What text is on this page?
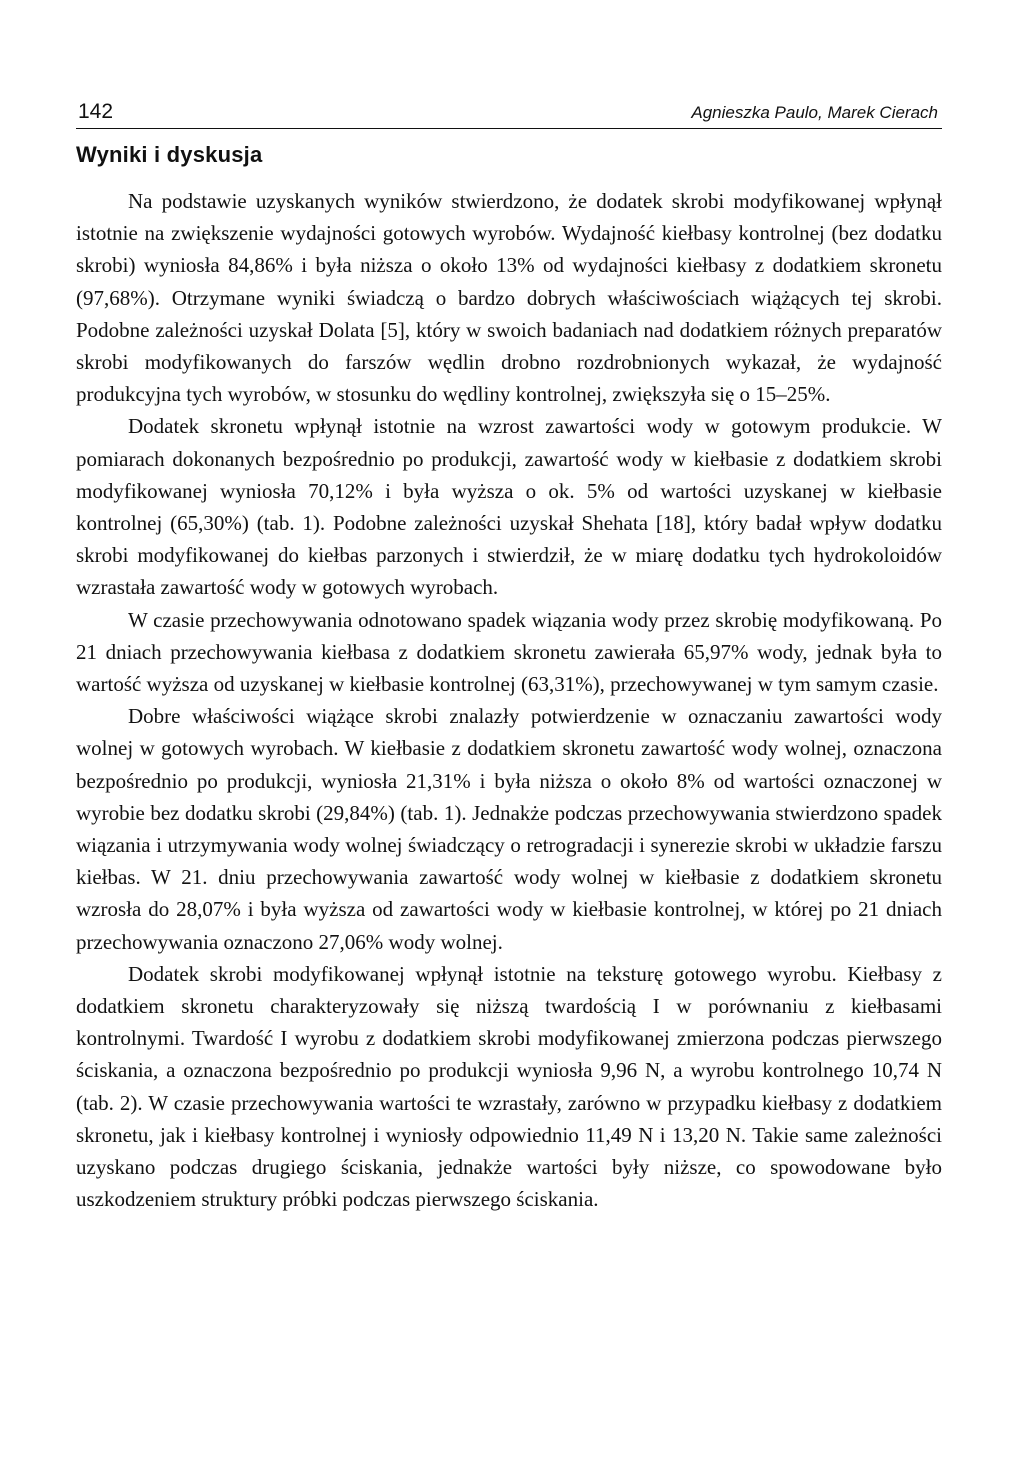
142	Agnieszka Paulo, Marek Cierach
Wyniki i dyskusja

Na podstawie uzyskanych wyników stwierdzono, że dodatek skrobi modyfikowanej wpłynął istotnie na zwiększenie wydajności gotowych wyrobów. Wydajność kiełbasy kontrolnej (bez dodatku skrobi) wyniosła 84,86% i była niższa o około 13% od wydajności kiełbasy z dodatkiem skronetu (97,68%). Otrzymane wyniki świadczą o bardzo dobrych właściwościach wiążących tej skrobi. Podobne zależności uzyskał Dolata [5], który w swoich badaniach nad dodatkiem różnych preparatów skrobi modyfikowanych do farszów wędlin drobno rozdrobnionych wykazał, że wydajność produkcyjna tych wyrobów, w stosunku do wędliny kontrolnej, zwiększyła się o 15–25%.

Dodatek skronetu wpłynął istotnie na wzrost zawartości wody w gotowym produkcie. W pomiarach dokonanych bezpośrednio po produkcji, zawartość wody w kiełbasie z dodatkiem skrobi modyfikowanej wyniosła 70,12% i była wyższa o ok. 5% od wartości uzyskanej w kiełbasie kontrolnej (65,30%) (tab. 1). Podobne zależności uzyskał Shehata [18], który badał wpływ dodatku skrobi modyfikowanej do kiełbas parzonych i stwierdził, że w miarę dodatku tych hydrokoloidów wzrastała zawartość wody w gotowych wyrobach.

W czasie przechowywania odnotowano spadek wiązania wody przez skrobię modyfikowaną. Po 21 dniach przechowywania kiełbasa z dodatkiem skronetu zawierała 65,97% wody, jednak była to wartość wyższa od uzyskanej w kiełbasie kontrolnej (63,31%), przechowywanej w tym samym czasie.

Dobre właściwości wiążące skrobi znalazły potwierdzenie w oznaczaniu zawartości wody wolnej w gotowych wyrobach. W kiełbasie z dodatkiem skronetu zawartość wody wolnej, oznaczona bezpośrednio po produkcji, wyniosła 21,31% i była niższa o około 8% od wartości oznaczonej w wyrobie bez dodatku skrobi (29,84%) (tab. 1). Jednakże podczas przechowywania stwierdzono spadek wiązania i utrzymywania wody wolnej świadczący o retrogradacji i synerezie skrobi w układzie farszu kiełbas. W 21. dniu przechowywania zawartość wody wolnej w kiełbasie z dodatkiem skronetu wzrosła do 28,07% i była wyższa od zawartości wody w kiełbasie kontrolnej, w której po 21 dniach przechowywania oznaczono 27,06% wody wolnej.

Dodatek skrobi modyfikowanej wpłynął istotnie na teksturę gotowego wyrobu. Kiełbasy z dodatkiem skronetu charakteryzowały się niższą twardością I w porównaniu z kiełbasami kontrolnymi. Twardość I wyrobu z dodatkiem skrobi modyfikowanej zmierzona podczas pierwszego ściskania, a oznaczona bezpośrednio po produkcji wyniosła 9,96 N, a wyrobu kontrolnego 10,74 N (tab. 2). W czasie przechowywania wartości te wzrastały, zarówno w przypadku kiełbasy z dodatkiem skronetu, jak i kiełbasy kontrolnej i wyniosły odpowiednio 11,49 N i 13,20 N. Takie same zależności uzyskano podczas drugiego ściskania, jednakże wartości były niższe, co spowodowane było uszkodzeniem struktury próbki podczas pierwszego ściskania.
